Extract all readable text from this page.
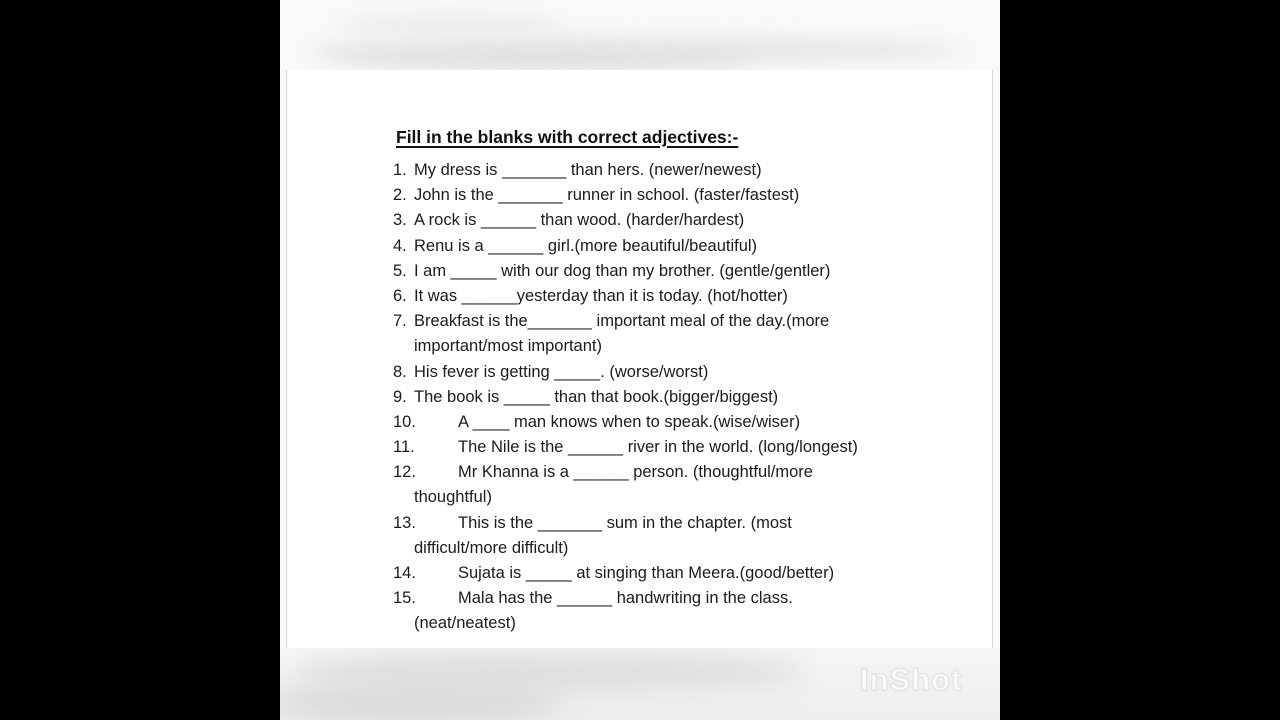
Fill in the blanks with correct adjectives:-
1. My dress is _______ than hers. (newer/newest)
2. John is the _______ runner in school. (faster/fastest)
3. A rock is ______ than wood. (harder/hardest)
4. Renu is a ______ girl.(more beautiful/beautiful)
5. I am _____ with our dog than my brother. (gentle/gentler)
6. It was ______yesterday than it is today. (hot/hotter)
7. Breakfast is the_______ important meal of the day.(more
important/most important)
8. His fever is getting _____. (worse/worst)
9. The book is _____ than that book.(bigger/biggest)
10.	A ____ man knows when to speak.(wise/wiser)
11.	The Nile is the ______ river in the world. (long/longest)
12.	Mr Khanna is a ______ person. (thoughtful/more
thoughtful)
13.	This is the _______ sum in the chapter. (most
difficult/more difficult)
14.	Sujata is _____ at singing than Meera.(good/better)
15.	Mala has the ______ handwriting in the class.
(neat/neatest)
InShot
